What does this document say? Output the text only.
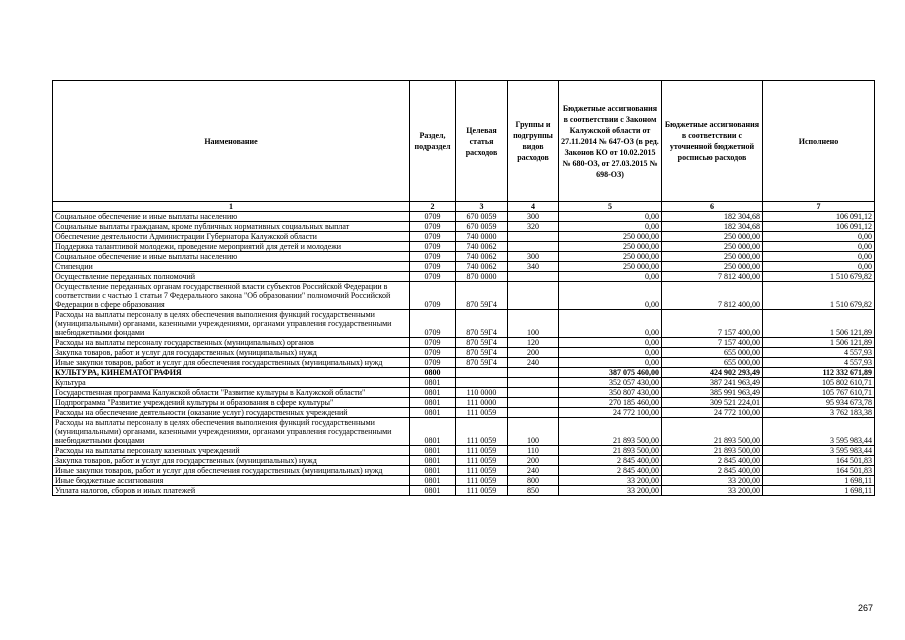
Наименование	Раздел, подраздел	Целевая статья расходов	Группы и подгруппы видов расходов	Бюджетные ассигнования в соответствии с Законом Калужской области от 27.11.2014 № 647-ОЗ (в ред. Законов КО от 10.02.2015 № 680-ОЗ, от 27.03.2015 № 698-ОЗ)	Бюджетные ассигнования в соответствии с уточненной бюджетной росписью расходов	Исполнено
1	2	3	4	5	6	7
Социальное обеспечение и иные выплаты населению	0709	670 0059	300	0,00	182 304,68	106 091,12
Социальные выплаты гражданам, кроме публичных нормативных социальных выплат	0709	670 0059	320	0,00	182 304,68	106 091,12
Обеспечение деятельности Администрации Губернатора Калужской области	0709	740 0000		250 000,00	250 000,00	0,00
Поддержка талантливой молодежи, проведение мероприятий для детей и молодежи	0709	740 0062		250 000,00	250 000,00	0,00
Социальное обеспечение и иные выплаты населению	0709	740 0062	300	250 000,00	250 000,00	0,00
Стипендии	0709	740 0062	340	250 000,00	250 000,00	0,00
Осуществление переданных полномочий	0709	870 0000		0,00	7 812 400,00	1 510 679,82
Осуществление переданных органам государственной власти субъектов Российской Федерации в соответствии с частью 1 статьи 7 Федерального закона "Об образовании" полномочий Российской Федерации в сфере образования	0709	870 59Г4		0,00	7 812 400,00	1 510 679,82
Расходы на выплаты персоналу в целях обеспечения выполнения функций государственными (муниципальными) органами, казенными учреждениями, органами управления государственными внебюджетными фондами	0709	870 59Г4	100	0,00	7 157 400,00	1 506 121,89
Расходы на выплаты персоналу государственных (муниципальных) органов	0709	870 59Г4	120	0,00	7 157 400,00	1 506 121,89
Закупка товаров, работ и услуг для государственных (муниципальных) нужд	0709	870 59Г4	200	0,00	655 000,00	4 557,93
Иные закупки товаров, работ и услуг для обеспечения государственных (муниципальных) нужд	0709	870 59Г4	240	0,00	655 000,00	4 557,93
КУЛЬТУРА, КИНЕМАТОГРАФИЯ	0800			387 075 460,00	424 902 293,49	112 332 671,89
Культура	0801			352 057 430,00	387 241 963,49	105 802 610,71
Государственная программа Калужской области "Развитие культуры в Калужской области"	0801	110 0000		350 807 430,00	385 991 963,49	105 767 610,71
Подпрограмма "Развитие учреждений культуры и образования в сфере культуры"	0801	111 0000		270 185 460,00	309 521 224,01	95 934 673,78
Расходы на обеспечение деятельности (оказание услуг) государственных учреждений	0801	111 0059		24 772 100,00	24 772 100,00	3 762 183,38
Расходы на выплаты персоналу в целях обеспечения выполнения функций государственными (муниципальными) органами, казенными учреждениями, органами управления государственными внебюджетными фондами	0801	111 0059	100	21 893 500,00	21 893 500,00	3 595 983,44
Расходы на выплаты персоналу казенных учреждений	0801	111 0059	110	21 893 500,00	21 893 500,00	3 595 983,44
Закупка товаров, работ и услуг для государственных (муниципальных) нужд	0801	111 0059	200	2 845 400,00	2 845 400,00	164 501,83
Иные закупки товаров, работ и услуг для обеспечения государственных (муниципальных) нужд	0801	111 0059	240	2 845 400,00	2 845 400,00	164 501,83
Иные бюджетные ассигнования	0801	111 0059	800	33 200,00	33 200,00	1 698,11
Уплата налогов, сборов и иных платежей	0801	111 0059	850	33 200,00	33 200,00	1 698,11
267
